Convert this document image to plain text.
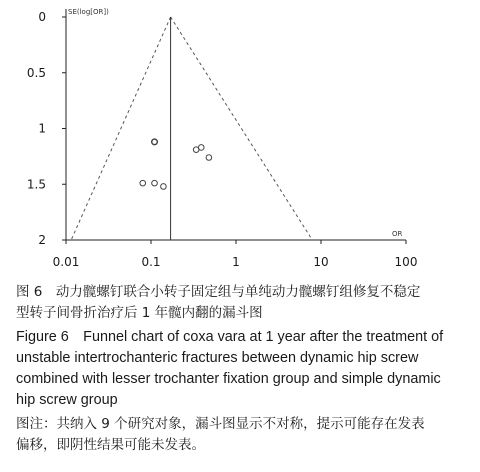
0
0.5
1
1.5
2
0.01	0.1	1	10	100
SE(log[OR])
OR
图 6　动力髋螺钉联合小转子固定组与单纯动力髋螺钉组修复不稳定
型转子间骨折治疗后 1 年髋内翻的漏斗图
Figure 6　Funnel chart of coxa vara at 1 year after the treatment of
unstable intertrochanteric fractures between dynamic hip screw
combined with lesser trochanter fixation group and simple dynamic
hip screw group
图注：共纳入 9 个研究对象，漏斗图显示不对称，提示可能存在发表
偏移，即阴性结果可能未发表。
